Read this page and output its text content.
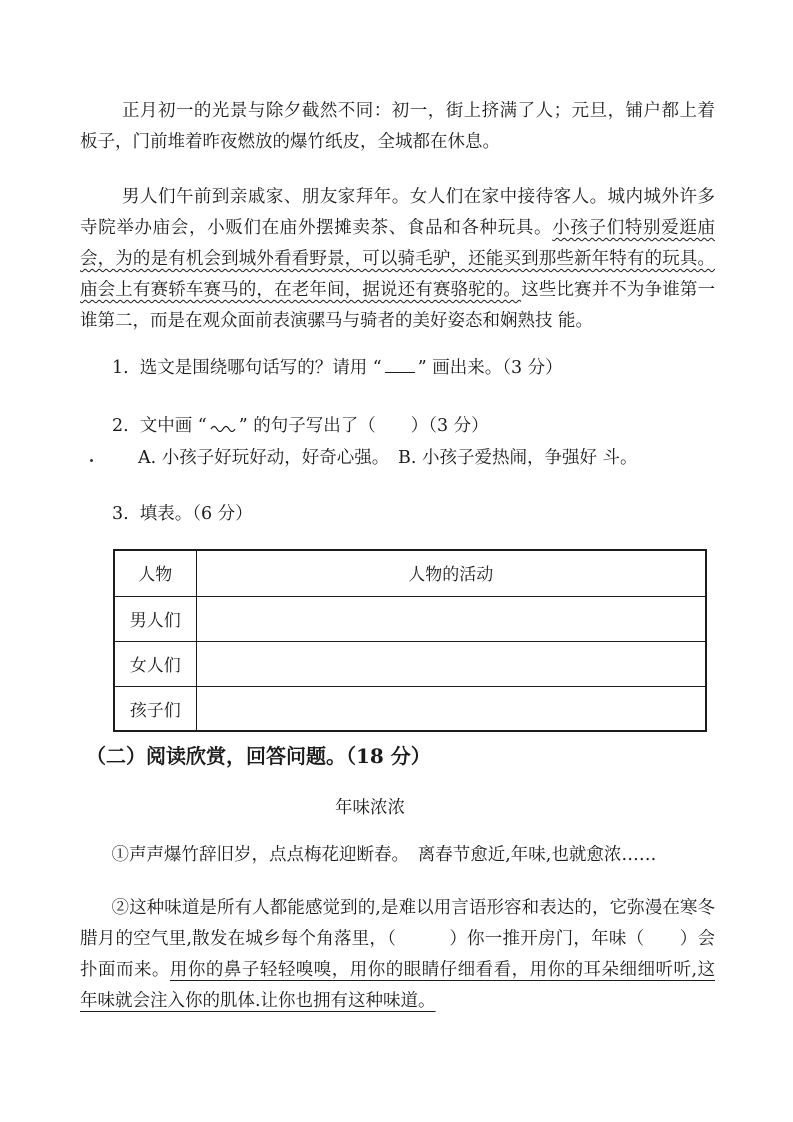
正月初一的光景与除夕截然不同：初一，街上挤满了人；元旦，铺户都上着板子，门前堆着昨夜燃放的爆竹纸皮，全城都在休息。

男人们午前到亲戚家、朋友家拜年。女人们在家中接待客人。城内城外许多寺院举办庙会，小贩们在庙外摆摊卖茶、食品和各种玩具。小孩子们特别爱逛庙会，为的是有机会到城外看看野景，可以骑毛驴，还能买到那些新年特有的玩具。庙会上有赛轿车赛马的，在老年间，据说还有赛骆驼的。这些比赛并不为争谁第一谁第二，而是在观众面前表演骡马与骑者的美好姿态和娴熟技 能。

1. 选文是围绕哪句话写的？请用 “ ” 画出来。（3 分）
2. 文中画 “ ” 的句子写出了（　　）（3 分）
A. 小孩子好玩好动，好奇心强。　B. 小孩子爱热闹，争强好 斗。
3. 填表。（6 分）
人物	人物的活动
男人们	
女人们	
孩子们	
（二）阅读欣赏，回答问题。（18 分）
年味浓浓

①声声爆竹辞旧岁，点点梅花迎断春。　离春节愈近,年味,也就愈浓……

②这种味道是所有人都能感觉到的,是难以用言语形容和表达的，它弥漫在寒冬腊月的空气里,散发在城乡每个角落里，（　　　）你一推开房门，年味（　　）会扑面而来。用你的鼻子轻轻嗅嗅，用你的眼睛仔细看看，用你的耳朵细细听听,这年味就会注入你的肌体.让你也拥有这种味道。
